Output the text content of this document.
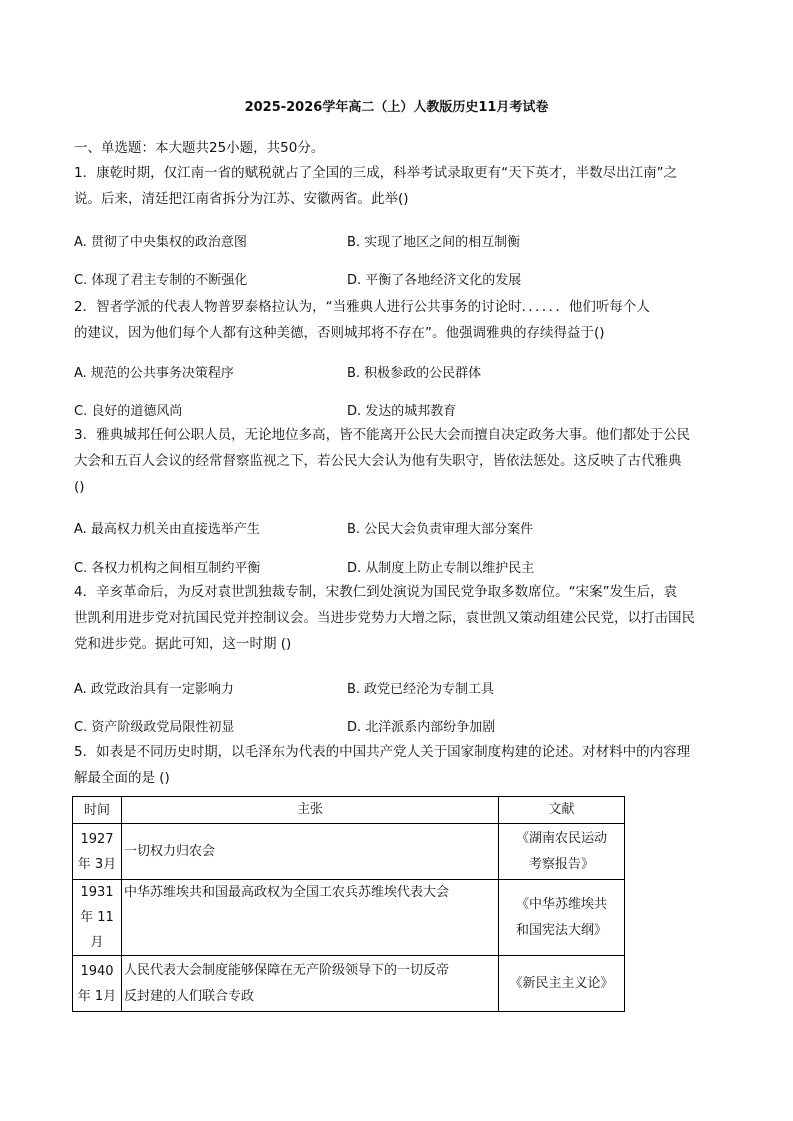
2025-2026学年高二（上）人教版历史11月考试卷
一、单选题：本大题共25小题，共50分。
1．康乾时期，仅江南一省的赋税就占了全国的三成，科举考试录取更有“天下英才，半数尽出江南”之
说。后来，清廷把江南省拆分为江苏、安徽两省。此举()
A. 贯彻了中央集权的政治意图	B. 实现了地区之间的相互制衡
C. 体现了君主专制的不断强化	D. 平衡了各地经济文化的发展
2．智者学派的代表人物普罗泰格拉认为，“当雅典人进行公共事务的讨论时．．．．．．他们听每个人
的建议，因为他们每个人都有这种美德，否则城邦将不存在”。他强调雅典的存续得益于()
A. 规范的公共事务决策程序	B. 积极参政的公民群体
C. 良好的道德风尚	D. 发达的城邦教育
3．雅典城邦任何公职人员，无论地位多高，皆不能离开公民大会而擅自决定政务大事。他们都处于公民
大会和五百人会议的经常督察监视之下，若公民大会认为他有失职守，皆依法惩处。这反映了古代雅典
()
A. 最高权力机关由直接选举产生	B. 公民大会负责审理大部分案件
C. 各权力机构之间相互制约平衡	D. 从制度上防止专制以维护民主
4．辛亥革命后，为反对袁世凯独裁专制，宋教仁到处演说为国民党争取多数席位。“宋案”发生后，袁
世凯利用进步党对抗国民党并控制议会。当进步党势力大增之际，袁世凯又策动组建公民党，以打击国民
党和进步党。据此可知，这一时期 ()
A. 政党政治具有一定影响力	B. 政党已经沦为专制工具
C. 资产阶级政党局限性初显	D. 北洋派系内部纷争加剧
5．如表是不同历史时期，以毛泽东为代表的中国共产党人关于国家制度构建的论述。对材料中的内容理
解最全面的是 ()
时间	主张	文献

1927
年 3月	一切权力归农会	《湖南农民运动
考察报告》

1931
年 11月	中华苏维埃共和国最高政权为全国工农兵苏维埃代表大会	《中华苏维埃共
和国宪法大纲》

1940
年 1月	人民代表大会制度能够保障在无产阶级领导下的一切反帝
反封建的人们联合专政	《新民主主义论》
